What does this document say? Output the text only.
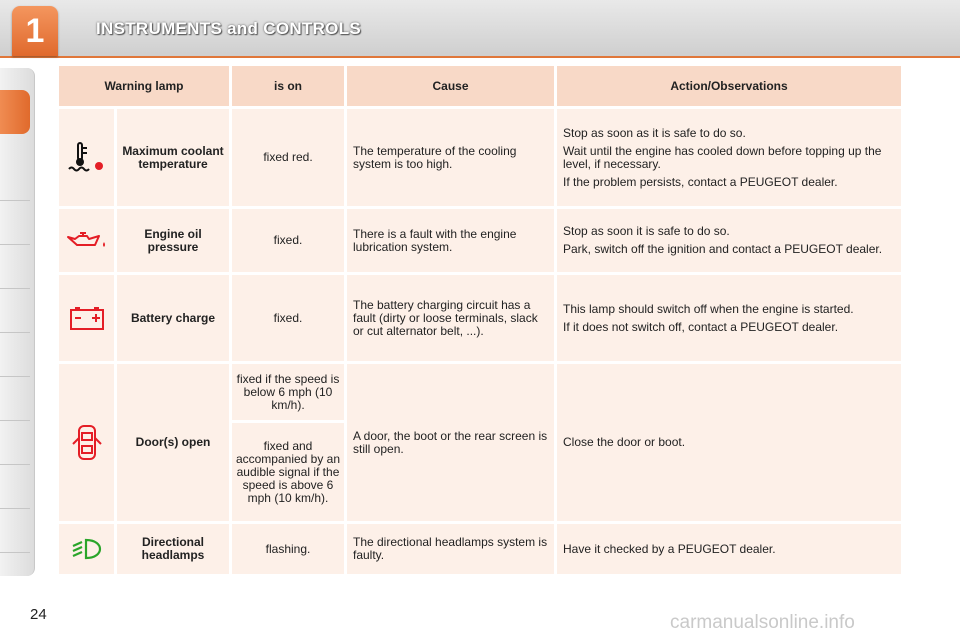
1	INSTRUMENTS and CONTROLS
Warning lamp		is on	Cause	Action/Observations

	Maximum coolant temperature	fixed red.	The temperature of the cooling system is too high.	Stop as soon as it is safe to do so.

Wait until the engine has cooled down before topping up the level, if necessary.

If the problem persists, contact a PEUGEOT dealer.

	Engine oil pressure	fixed.	There is a fault with the engine lubrication system.	Stop as soon it is safe to do so.

Park, switch off the ignition and contact a PEUGEOT dealer.

	Battery charge	fixed.	The battery charging circuit has a fault (dirty or loose terminals, slack or cut alternator belt, ...).	This lamp should switch off when the engine is started.

If it does not switch off, contact a PEUGEOT dealer.

	Door(s) open	fixed if the speed is below 6 mph (10 km/h).	A door, the boot or the rear screen is still open.	Close the door or boot.

		fixed and accompanied by an audible signal if the speed is above 6 mph (10 km/h).		

	Directional headlamps	flashing.	The directional headlamps system is faulty.	Have it checked by a PEUGEOT dealer.

24	carmanualsonline.info
